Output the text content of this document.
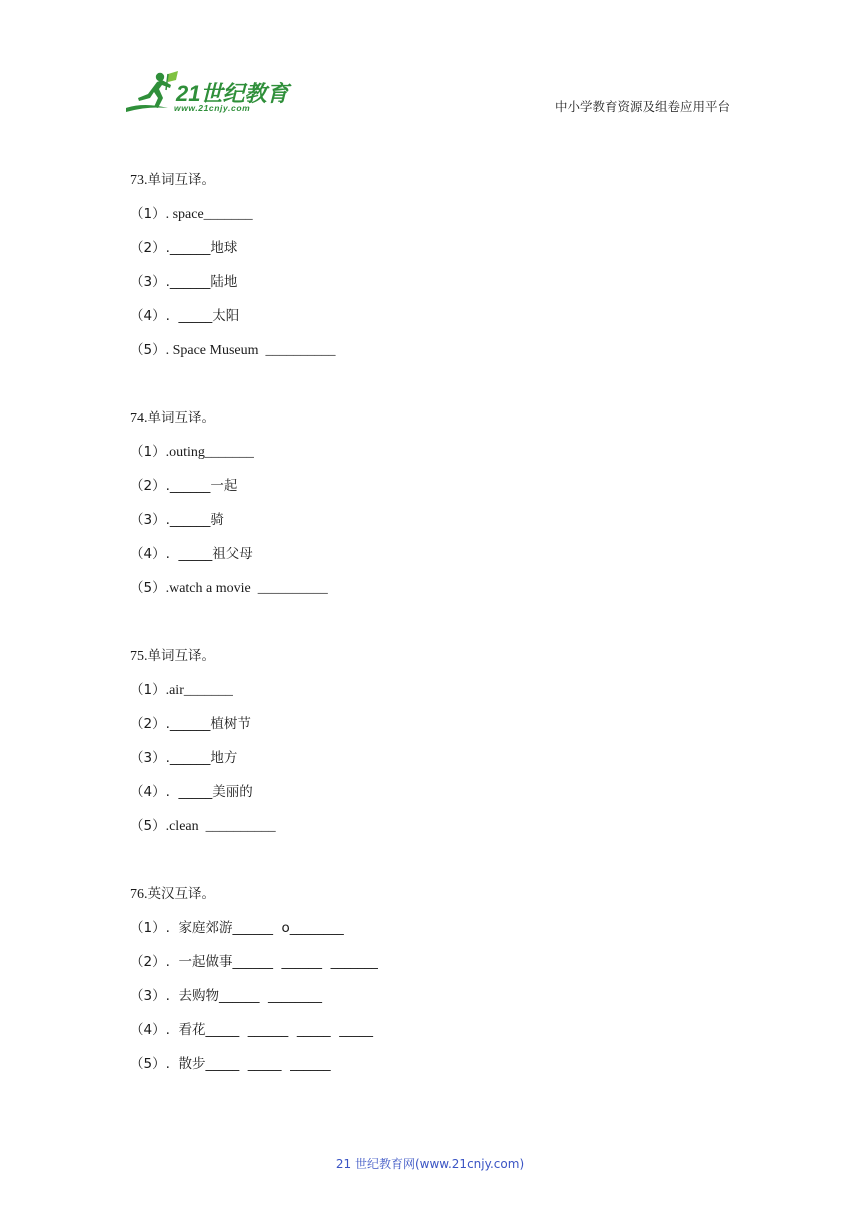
21世纪教育
www.21cnjy.com	中小学教育资源及组卷应用平台
73.单词互译。
（1）. space_______
（2）.______地球
（3）.______陆地
（4）.  _____太阳
（5）. Space Museum  __________
74.单词互译。
（1）.outing_______
（2）.______一起
（3）.______骑
（4）.  _____祖父母
（5）.watch a movie  __________
75.单词互译。
（1）.air_______
（2）.______植树节
（3）.______地方
（4）.  _____美丽的
（5）.clean  __________
76.英汉互译。
（1）.  家庭郊游______  o________
（2）.  一起做事______  ______  _______
（3）.  去购物______  ________
（4）.  看花_____  ______  _____  _____
（5）.  散步_____  _____  ______
21 世纪教育网(www.21cnjy.com)
